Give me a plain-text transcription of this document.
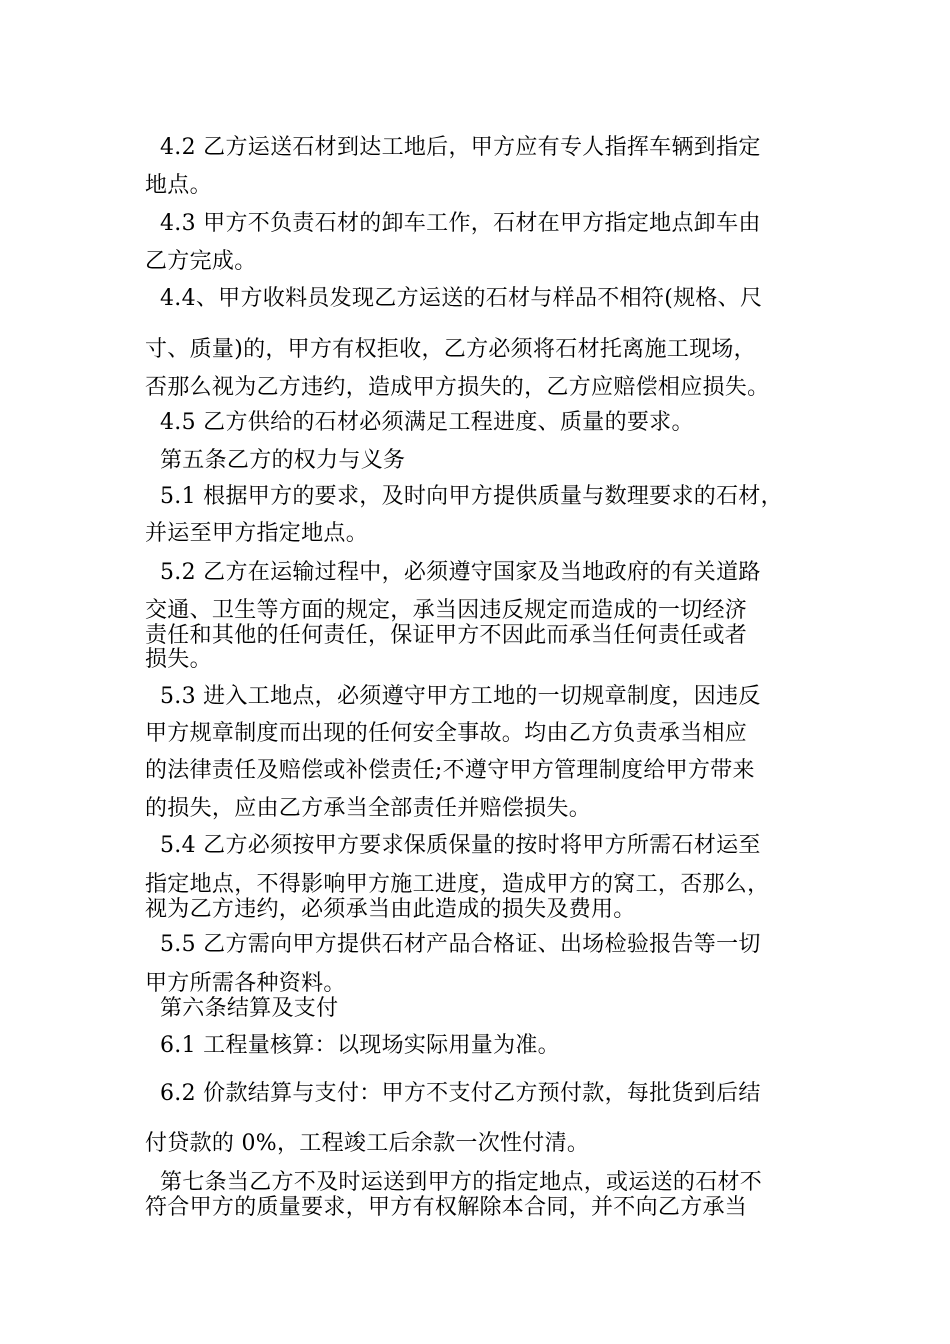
4.2 乙方运送石材到达工地后，甲方应有专人指挥车辆到指定
地点。
4.3 甲方不负责石材的卸车工作，石材在甲方指定地点卸车由
乙方完成。
4.4、甲方收料员发现乙方运送的石材与样品不相符(规格、尺
寸、质量)的，甲方有权拒收，乙方必须将石材托离施工现场，
否那么视为乙方违约，造成甲方损失的，乙方应赔偿相应损失。
4.5 乙方供给的石材必须满足工程进度、质量的要求。
第五条乙方的权力与义务
5.1 根据甲方的要求，及时向甲方提供质量与数理要求的石材，
并运至甲方指定地点。
5.2 乙方在运输过程中，必须遵守国家及当地政府的有关道路
交通、卫生等方面的规定，承当因违反规定而造成的一切经济
责任和其他的任何责任，保证甲方不因此而承当任何责任或者
损失。
5.3 进入工地点，必须遵守甲方工地的一切规章制度，因违反
甲方规章制度而出现的任何安全事故。均由乙方负责承当相应
的法律责任及赔偿或补偿责任;不遵守甲方管理制度给甲方带来
的损失，应由乙方承当全部责任并赔偿损失。
5.4 乙方必须按甲方要求保质保量的按时将甲方所需石材运至
指定地点，不得影响甲方施工进度，造成甲方的窝工，否那么，
视为乙方违约，必须承当由此造成的损失及费用。
5.5 乙方需向甲方提供石材产品合格证、出场检验报告等一切
甲方所需各种资料。
第六条结算及支付
6.1 工程量核算：以现场实际用量为准。
6.2 价款结算与支付：甲方不支付乙方预付款，每批货到后结
付贷款的 0%，工程竣工后余款一次性付清。
第七条当乙方不及时运送到甲方的指定地点，或运送的石材不
符合甲方的质量要求，甲方有权解除本合同，并不向乙方承当
